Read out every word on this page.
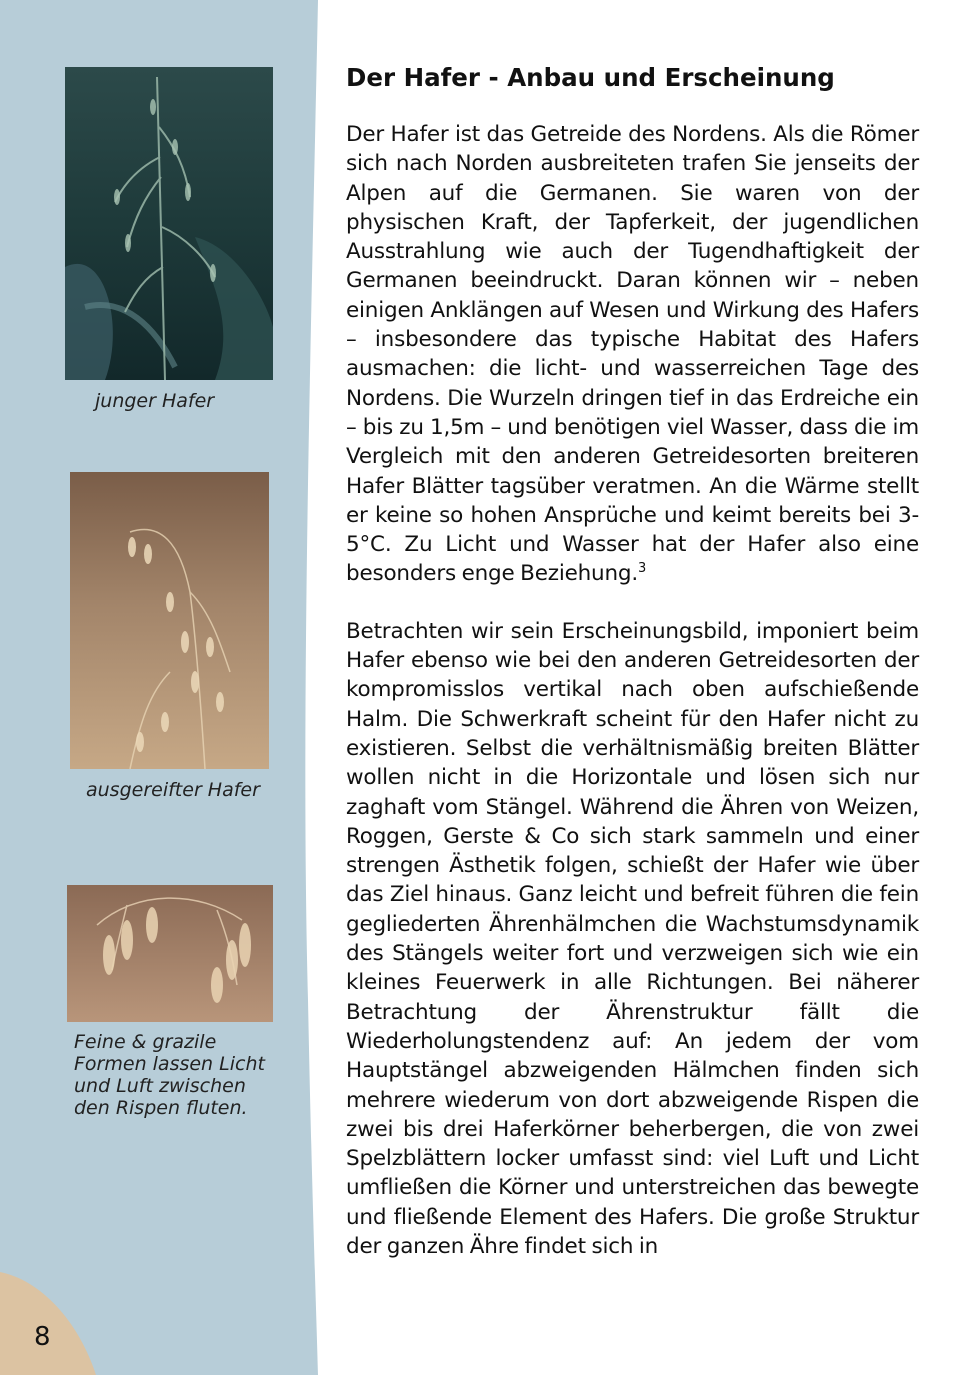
junger Hafer
ausgereifter Hafer
Feine & grazile
Formen lassen Licht
und Luft zwischen
den Rispen fluten.
8
Der Hafer - Anbau und Erscheinung

Der Hafer ist das Getreide des Nordens. Als die Römer sich nach Norden ausbreiteten trafen Sie jenseits der Alpen auf die Germanen. Sie waren von der physischen Kraft, der Tapferkeit, der jugendlichen Ausstrahlung wie auch der Tugendhaftigkeit der Germanen beeindruckt. Daran können wir – neben einigen Anklängen auf Wesen und Wirkung des Hafers – insbesondere das typische Habitat des Hafers ausmachen: die licht- und wasserreichen Tage des Nordens. Die Wurzeln dringen tief in das Erdreiche ein – bis zu 1,5m – und benötigen viel Wasser, dass die im Vergleich mit den anderen Getreidesorten breiteren Hafer Blätter tagsüber veratmen. An die Wärme stellt er keine so hohen Ansprüche und keimt bereits bei 3-5°C. Zu Licht und Wasser hat der Hafer also eine besonders enge Beziehung.$^3$

Betrachten wir sein Erscheinungsbild, imponiert beim Hafer ebenso wie bei den anderen Getreidesorten der kompromisslos vertikal nach oben aufschießende Halm. Die Schwerkraft scheint für den Hafer nicht zu existieren. Selbst die verhältnismäßig breiten Blätter wollen nicht in die Horizontale und lösen sich nur zaghaft vom Stängel. Während die Ähren von Weizen, Roggen, Gerste & Co sich stark sammeln und einer strengen Ästhetik folgen, schießt der Hafer wie über das Ziel hinaus. Ganz leicht und befreit führen die fein gegliederten Ährenhälmchen die Wachstumsdynamik des Stängels weiter fort und verzweigen sich wie ein kleines Feuerwerk in alle Richtungen. Bei näherer Betrachtung der Ährenstruktur fällt die Wiederholungstendenz auf: An jedem der vom Hauptstängel abzweigenden Hälmchen finden sich mehrere wiederum von dort abzweigende Rispen die zwei bis drei Haferkörner beherbergen, die von zwei Spelzblättern locker umfasst sind: viel Luft und Licht umfließen die Körner und unterstreichen das bewegte und fließende Element des Hafers. Die große Struktur der ganzen Ähre findet sich in
